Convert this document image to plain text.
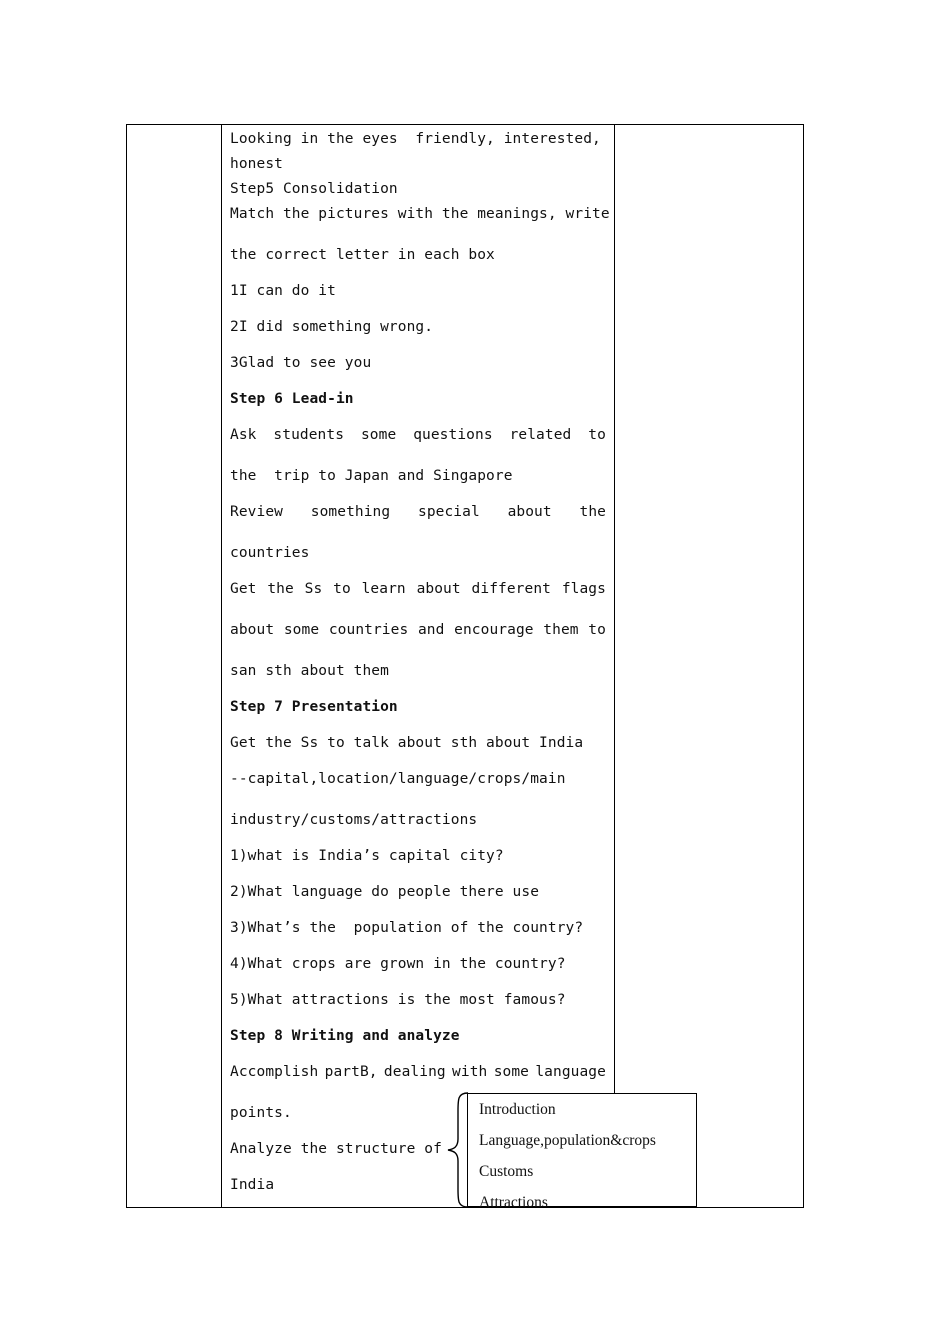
Looking in the eyes  friendly, interested,
honest
Step5 Consolidation
Match the pictures with the meanings, write
the correct letter in each box
1I can do it
2I did something wrong.
3Glad to see you
Step 6 Lead-in
Ask students some questions related to
the  trip to Japan and Singapore
Review something special about the
countries
Get the Ss to learn about different flags
about some countries and encourage them to
san sth about them
Step 7 Presentation
Get the Ss to talk about sth about India
--capital,location/language/crops/main
industry/customs/attractions
1)what is India’s capital city?
2)What language do people there use
3)What’s the  population of the country?
4)What crops are grown in the country?
5)What attractions is the most famous?
Step 8 Writing and analyze
Accomplish partB, dealing with some language
points.
Analyze the structure of
India
Introduction
Language,population&crops
Customs
Attractions
